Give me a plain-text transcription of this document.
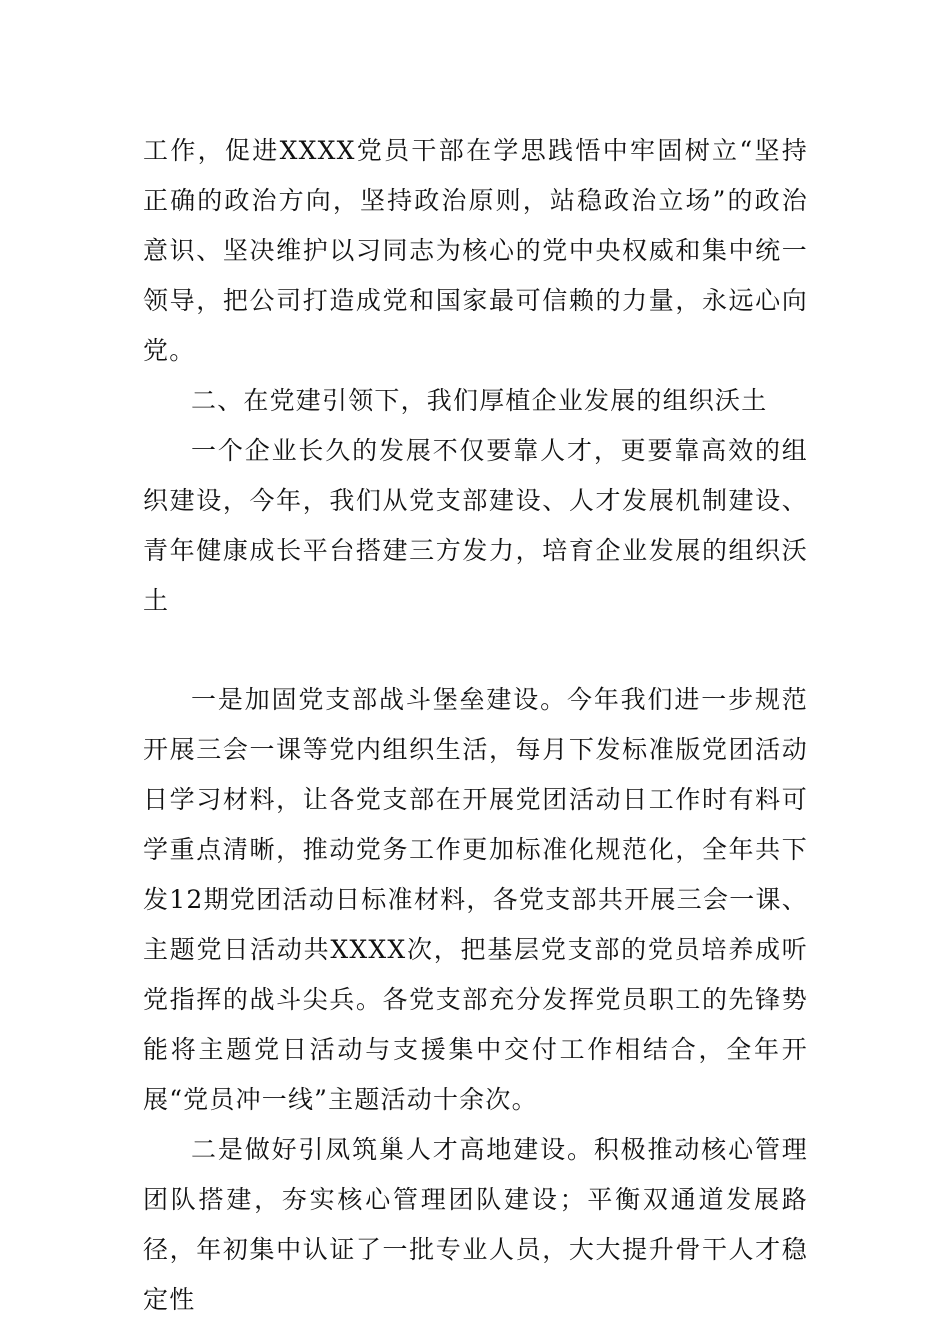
工作，促进XXXX党员干部在学思践悟中牢固树立“坚持正确的政治方向，坚持政治原则，站稳政治立场”的政治意识、坚决维护以习同志为核心的党中央权威和集中统一领导，把公司打造成党和国家最可信赖的力量，永远心向党。

二、在党建引领下，我们厚植企业发展的组织沃土

一个企业长久的发展不仅要靠人才，更要靠高效的组织建设，今年，我们从党支部建设、人才发展机制建设、青年健康成长平台搭建三方发力，培育企业发展的组织沃土

一是加固党支部战斗堡垒建设。今年我们进一步规范开展三会一课等党内组织生活，每月下发标准版党团活动日学习材料，让各党支部在开展党团活动日工作时有料可学重点清晰，推动党务工作更加标准化规范化，全年共下发12期党团活动日标准材料，各党支部共开展三会一课、主题党日活动共XXXX次，把基层党支部的党员培养成听党指挥的战斗尖兵。各党支部充分发挥党员职工的先锋势能将主题党日活动与支援集中交付工作相结合，全年开展“党员冲一线”主题活动十余次。

二是做好引凤筑巢人才高地建设。积极推动核心管理团队搭建，夯实核心管理团队建设；平衡双通道发展路径，年初集中认证了一批专业人员，大大提升骨干人才稳定性
